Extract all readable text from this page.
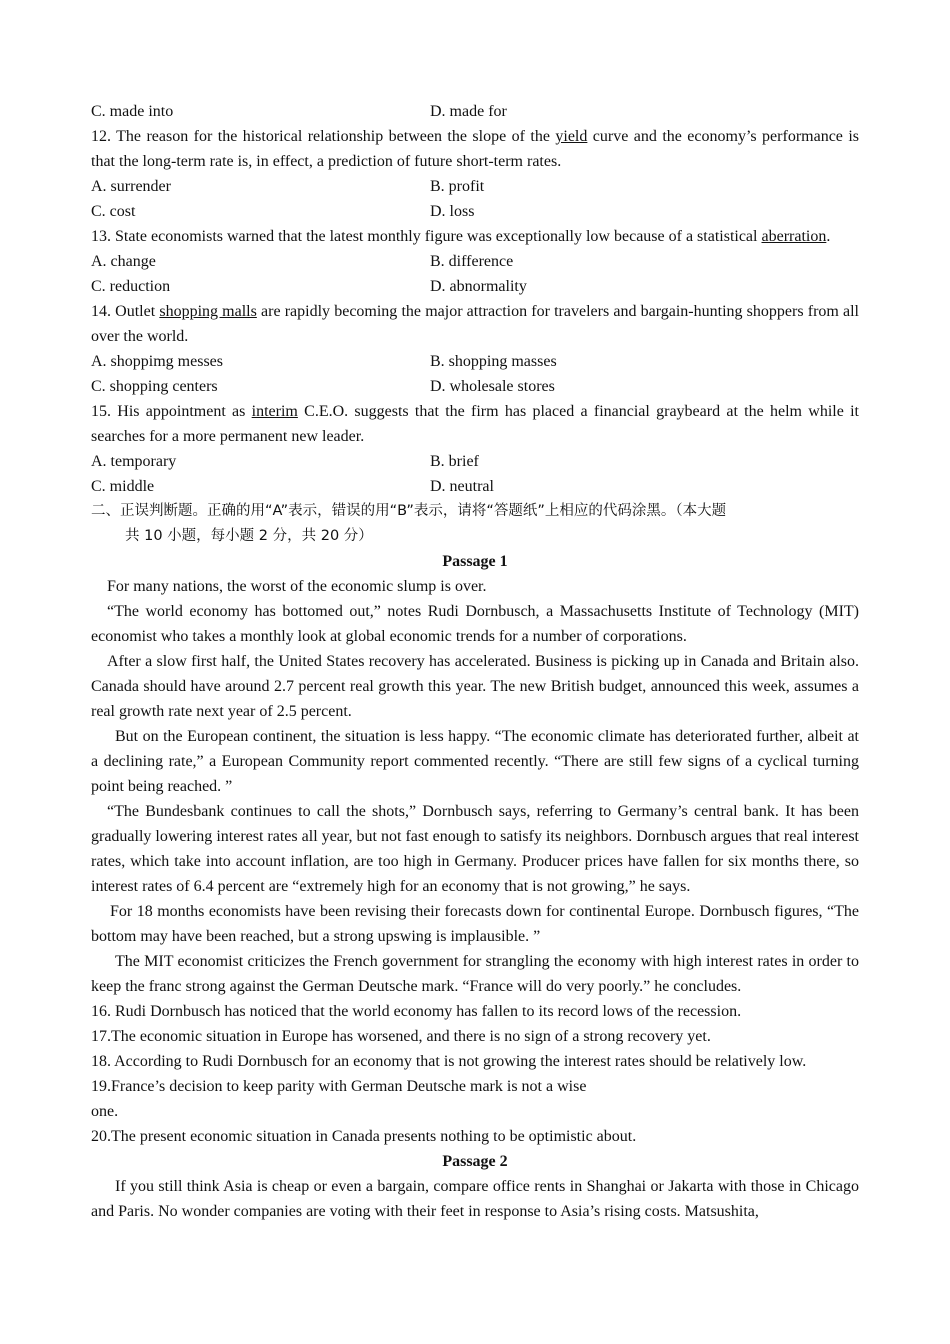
C. made into	D. made for

12. The reason for the historical relationship between the slope of the yield curve and the economy’s performance is that the long-term rate is, in effect, a prediction of future short-term rates.

A. surrender	B. profit
C. cost	D. loss

13. State economists warned that the latest monthly figure was exceptionally low because of a statistical aberration.

A. change	B. difference
C. reduction	D. abnormality

14. Outlet shopping malls are rapidly becoming the major attraction for travelers and bargain-hunting shoppers from all over the world.

A. shoppimg messes	B. shopping masses
C. shopping centers	D. wholesale stores

15. His appointment as interim C.E.O. suggests that the firm has placed a financial graybeard at the helm while it searches for a more permanent new leader.

A. temporary	B. brief
C. middle	D. neutral

二、正误判断题。正确的用“A”表示，错误的用“B”表示，请将“答题纸”上相应的代码涂黑。（本大题
共 10 小题，每小题 2 分，共 20 分）

Passage 1

For many nations, the worst of the economic slump is over.

“The world economy has bottomed out,” notes Rudi Dornbusch, a Massachusetts Institute of Technology (MIT) economist who takes a monthly look at global economic trends for a number of corporations.

After a slow first half, the United States recovery has accelerated. Business is picking up in Canada and Britain also. Canada should have around 2.7 percent real growth this year. The new British budget, announced this week, assumes a real growth rate next year of 2.5 percent.

But on the European continent, the situation is less happy. “The economic climate has deteriorated further, albeit at a declining rate,” a European Community report commented recently. “There are still few signs of a cyclical turning point being reached. ”

“The Bundesbank continues to call the shots,” Dornbusch says, referring to Germany’s central bank. It has been gradually lowering interest rates all year, but not fast enough to satisfy its neighbors. Dornbusch argues that real interest rates, which take into account inflation, are too high in Germany. Producer prices have fallen for six months there, so interest rates of 6.4 percent are “extremely high for an economy that is not growing,” he says.

For 18 months economists have been revising their forecasts down for continental Europe. Dornbusch figures, “The bottom may have been reached, but a strong upswing is implausible. ”

The MIT economist criticizes the French government for strangling the economy with high interest rates in order to keep the franc strong against the German Deutsche mark. “France will do very poorly.” he concludes.

16. Rudi Dornbusch has noticed that the world economy has fallen to its record lows of the recession.

17.The economic situation in Europe has worsened, and there is no sign of a strong recovery yet.

18. According to Rudi Dornbusch for an economy that is not growing the interest rates should be relatively low.

19.France’s decision to keep parity with German Deutsche mark is not a wise

one.

20.The present economic situation in Canada presents nothing to be optimistic about.

Passage 2

If you still think Asia is cheap or even a bargain, compare office rents in Shanghai or Jakarta with those in Chicago and Paris. No wonder companies are voting with their feet in response to Asia’s rising costs. Matsushita,
